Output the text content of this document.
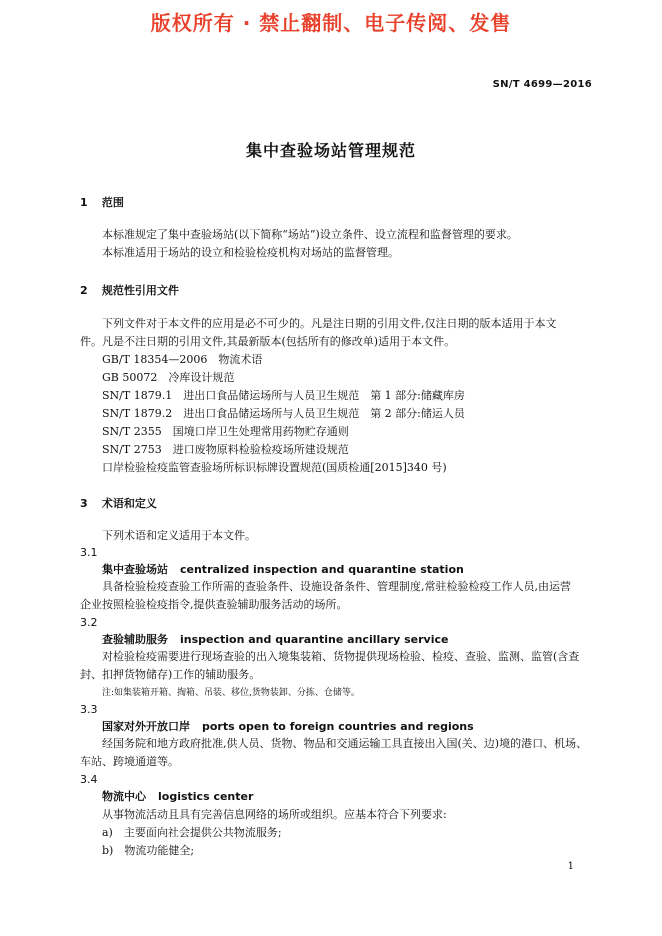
版权所有 · 禁止翻制、电子传阅、发售
SN/T 4699—2016
集中查验场站管理规范
1 范围
本标准规定了集中查验场站(以下简称“场站”)设立条件、设立流程和监督管理的要求。
本标准适用于场站的设立和检验检疫机构对场站的监督管理。
2 规范性引用文件
下列文件对于本文件的应用是必不可少的。凡是注日期的引用文件,仅注日期的版本适用于本文
件。凡是不注日期的引用文件,其最新版本(包括所有的修改单)适用于本文件。
GB/T 18354—2006　物流术语
GB 50072　冷库设计规范
SN/T 1879.1　进出口食品储运场所与人员卫生规范　第 1 部分:储藏库房
SN/T 1879.2　进出口食品储运场所与人员卫生规范　第 2 部分:储运人员
SN/T 2355　国境口岸卫生处理常用药物贮存通则
SN/T 2753　进口废物原料检验检疫场所建设规范
口岸检验检疫监管查验场所标识标牌设置规范(国质检通[2015]340 号)
3 术语和定义
下列术语和定义适用于本文件。
3.1
集中查验场站 centralized inspection and quarantine station
具备检验检疫查验工作所需的查验条件、设施设备条件、管理制度,常驻检验检疫工作人员,由运营
企业按照检验检疫指令,提供查验辅助服务活动的场所。
3.2
查验辅助服务 inspection and quarantine ancillary service
对检验检疫需要进行现场查验的出入境集装箱、货物提供现场检验、检疫、查验、监测、监管(含查
封、扣押货物储存)工作的辅助服务。
注:如集装箱开箱、掏箱、吊装、移位,货物装卸、分拣、仓储等。
3.3
国家对外开放口岸 ports open to foreign countries and regions
经国务院和地方政府批准,供人员、货物、物品和交通运输工具直接出入国(关、边)境的港口、机场、
车站、跨境通道等。
3.4
物流中心 logistics center
从事物流活动且具有完善信息网络的场所或组织。应基本符合下列要求:
a)　主要面向社会提供公共物流服务;
b)　物流功能健全;
1
